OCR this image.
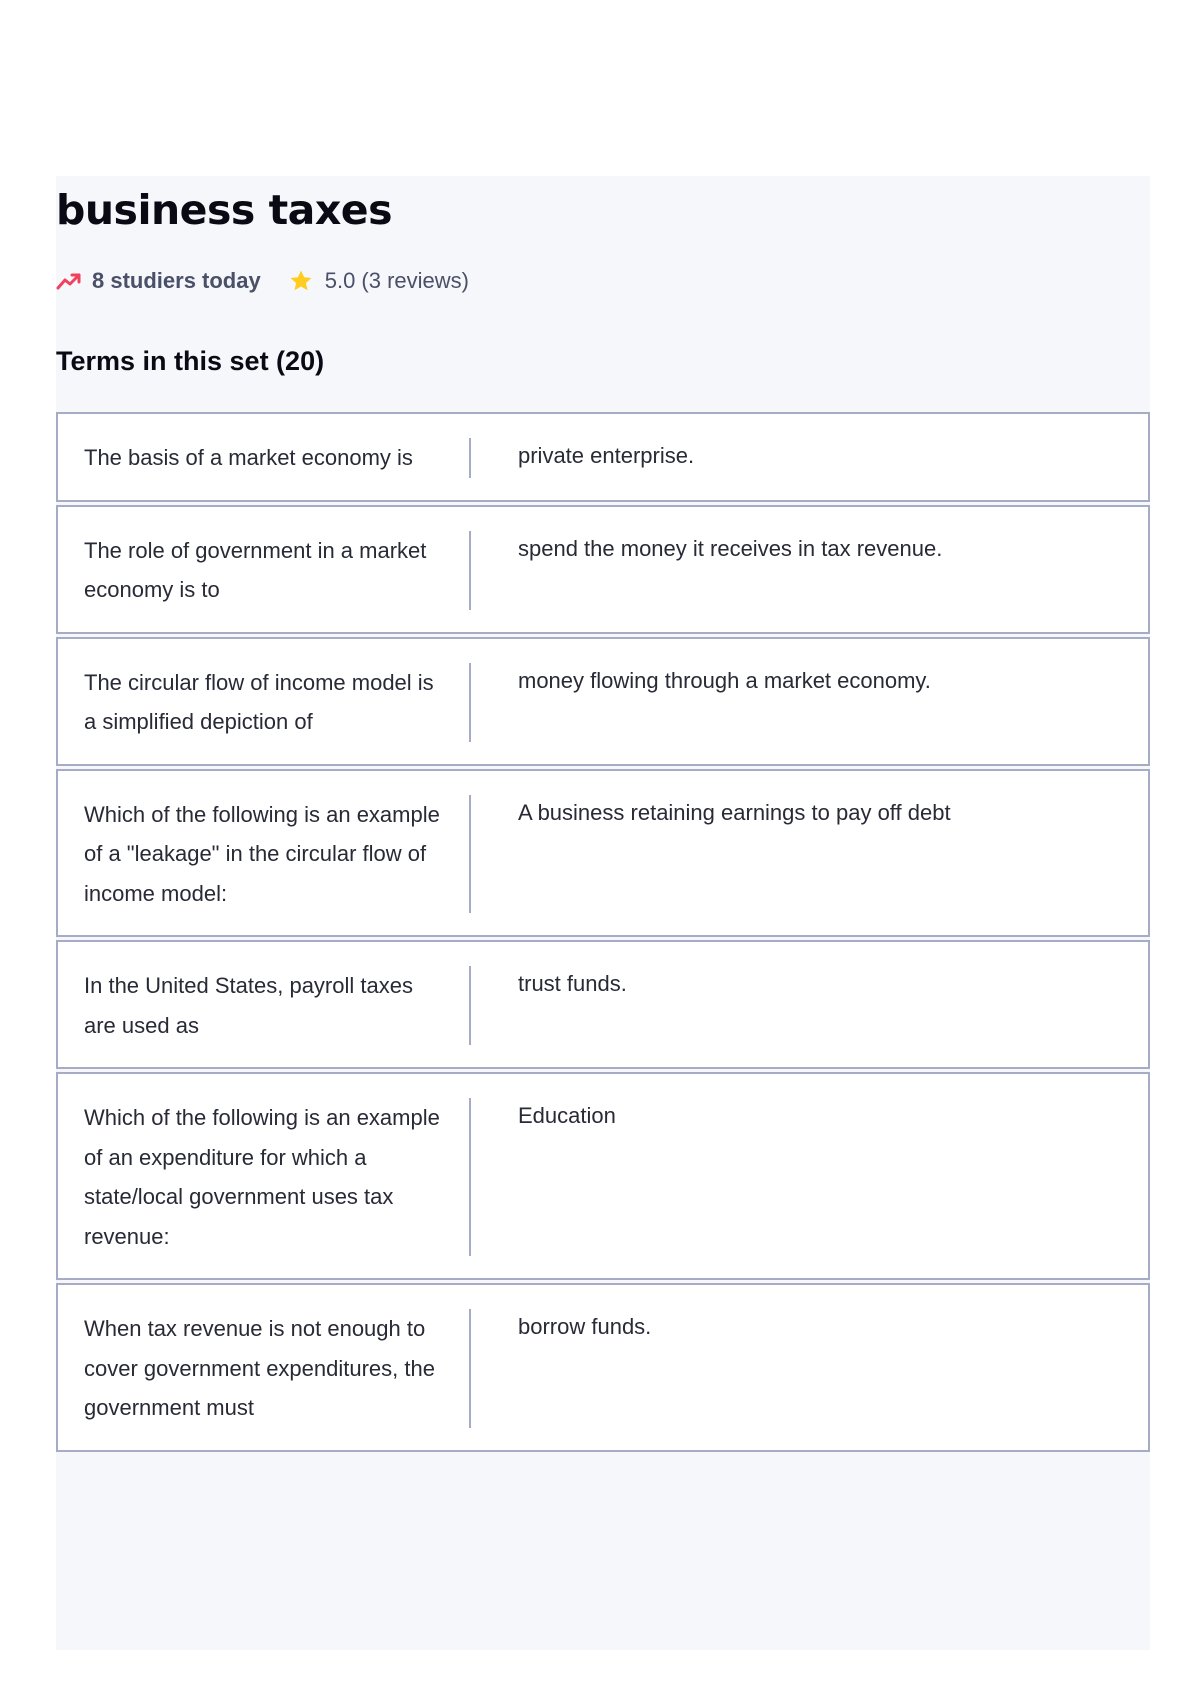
business taxes
8 studiers today	5.0 (3 reviews)
Terms in this set (20)
The basis of a market economy is	private enterprise.
The role of government in a market economy is to
spend the money it receives in tax revenue.
The circular flow of income model is a simplified depiction of
money flowing through a market economy.
Which of the following is an example of a "leakage" in the circular flow of income model:
A business retaining earnings to pay off debt
In the United States, payroll taxes are used as
trust funds.
Which of the following is an example of an expenditure for which a state/local government uses tax revenue:
Education
When tax revenue is not enough to cover government expenditures, the government must
borrow funds.
